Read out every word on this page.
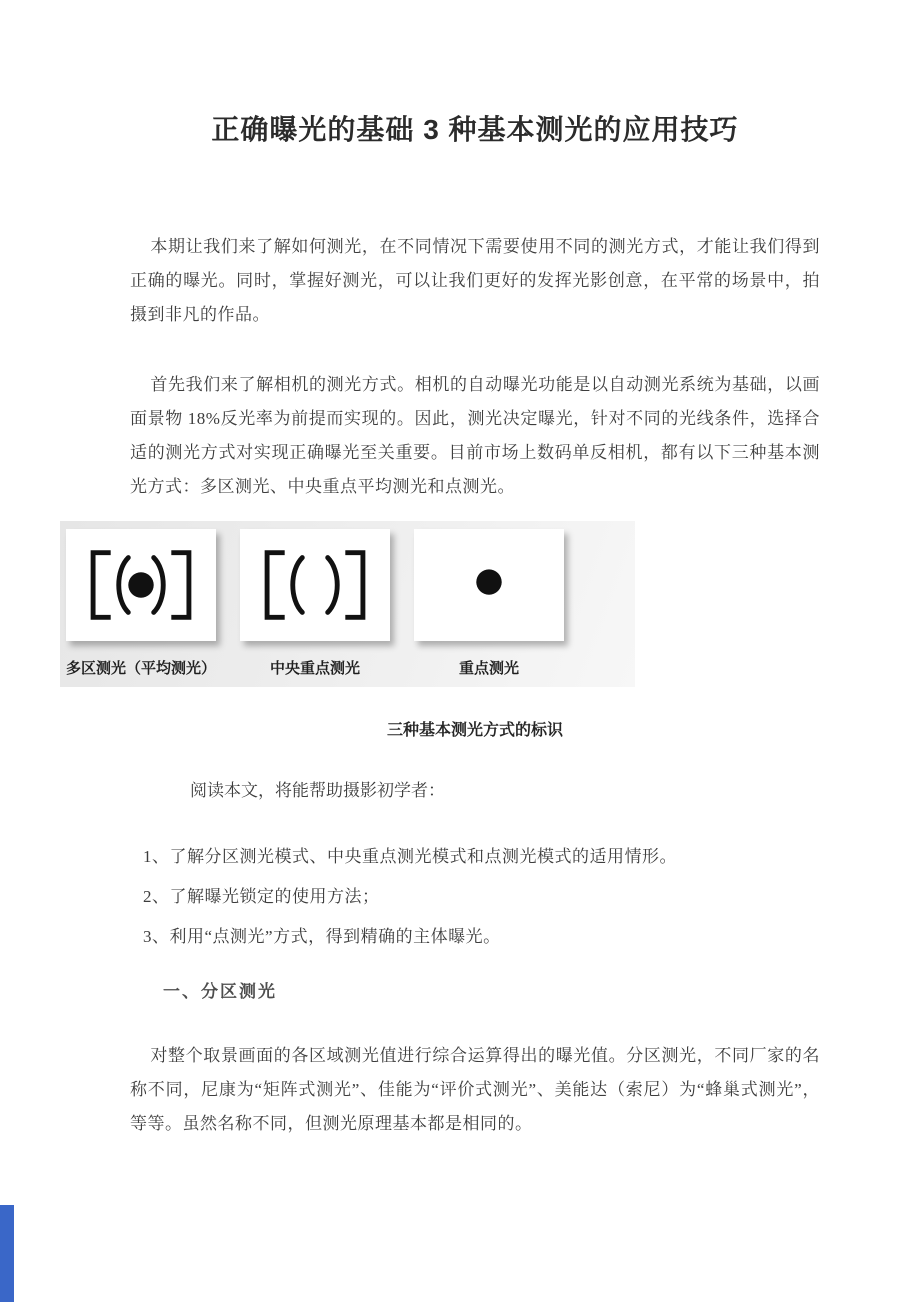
正确曝光的基础 3 种基本测光的应用技巧

本期让我们来了解如何测光，在不同情况下需要使用不同的测光方式，才能让我们得到正确的曝光。同时，掌握好测光，可以让我们更好的发挥光影创意，在平常的场景中，拍摄到非凡的作品。

首先我们来了解相机的测光方式。相机的自动曝光功能是以自动测光系统为基础，以画面景物 18%反光率为前提而实现的。因此，测光决定曝光，针对不同的光线条件，选择合适的测光方式对实现正确曝光至关重要。目前市场上数码单反相机，都有以下三种基本测光方式：多区测光、中央重点平均测光和点测光。

多区测光（平均测光）	中央重点测光	重点测光
三种基本测光方式的标识
阅读本文，将能帮助摄影初学者：
1、了解分区测光模式、中央重点测光模式和点测光模式的适用情形。
2、了解曝光锁定的使用方法；
3、利用“点测光”方式，得到精确的主体曝光。
一、分区测光

对整个取景画面的各区域测光值进行综合运算得出的曝光值。分区测光，不同厂家的名称不同，尼康为“矩阵式测光”、佳能为“评价式测光”、美能达（索尼）为“蜂巢式测光”，等等。虽然名称不同，但测光原理基本都是相同的。
